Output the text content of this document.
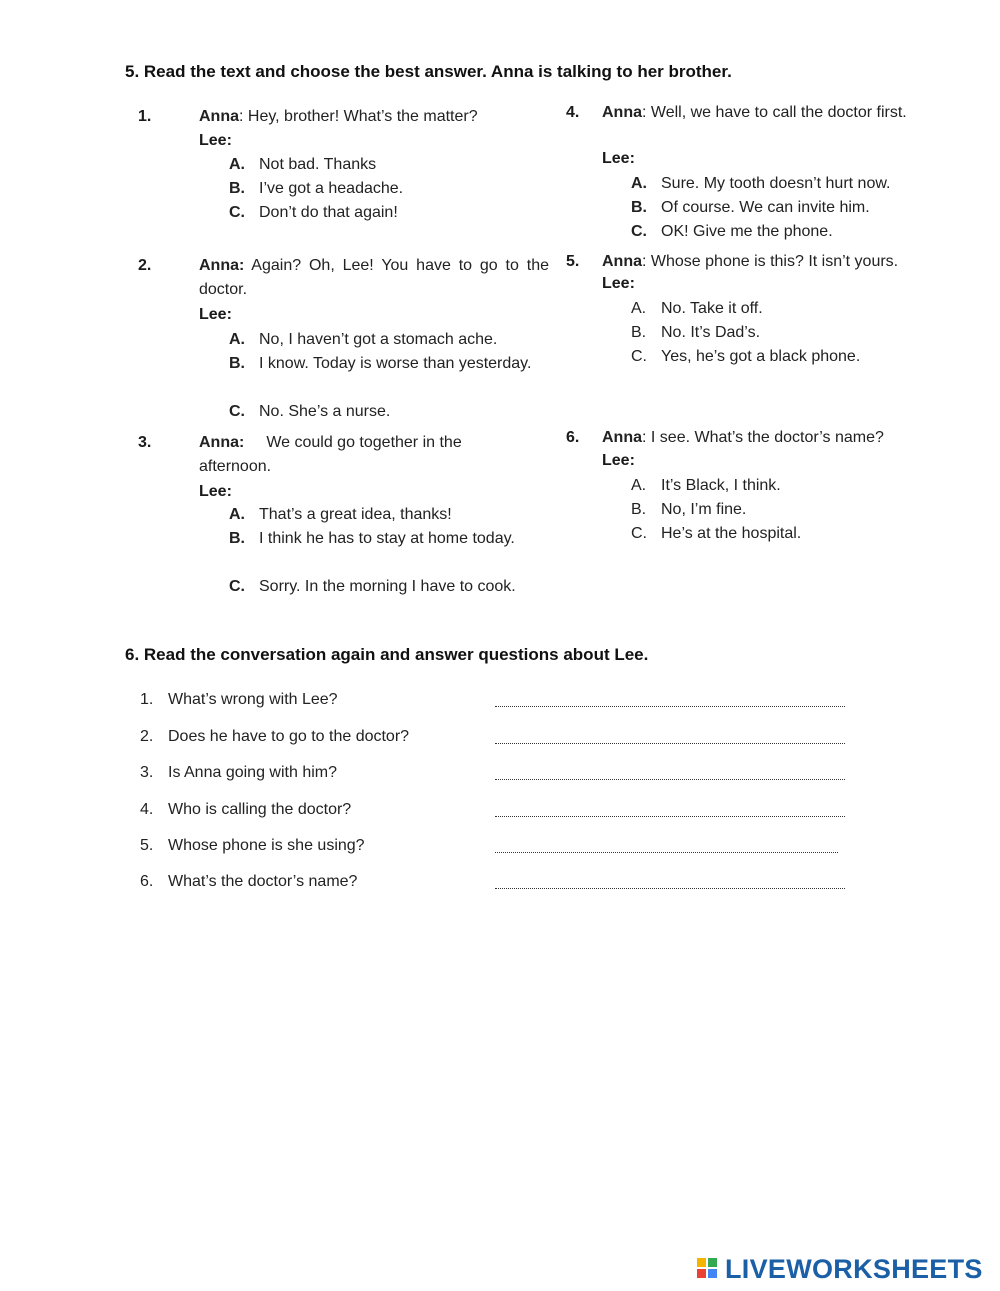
5. Read the text and choose the best answer. Anna is talking to her brother.
1.	Anna: Hey, brother! What’s the matter?
Lee:
A. Not bad. Thanks
B. I’ve got a headache.
C. Don’t do that again!
2.	Anna: Again? Oh, Lee! You have to go to the doctor.
Lee:
A. No, I haven’t got a stomach ache.
B. I know. Today is worse than yesterday.
C. No. She’s a nurse.
3.	Anna: We could go together in the afternoon.
Lee:
A. That’s a great idea, thanks!
B. I think he has to stay at home today.
C. Sorry. In the morning I have to cook.
4. Anna: Well, we have to call the doctor first.
Lee:
A. Sure. My tooth doesn’t hurt now.
B. Of course. We can invite him.
C. OK! Give me the phone.
5. Anna: Whose phone is this? It isn’t yours.
Lee:
A. No. Take it off.
B. No. It’s Dad’s.
C. Yes, he’s got a black phone.
6. Anna: I see. What’s the doctor’s name?
Lee:
A. It’s Black, I think.
B. No, I’m fine.
C. He’s at the hospital.
6. Read the conversation again and answer questions about Lee.
1. What’s wrong with Lee?
2. Does he have to go to the doctor?
3. Is Anna going with him?
4. Who is calling the doctor?
5. Whose phone is she using?
6. What’s the doctor’s name?
LIVEWORKSHEETS
